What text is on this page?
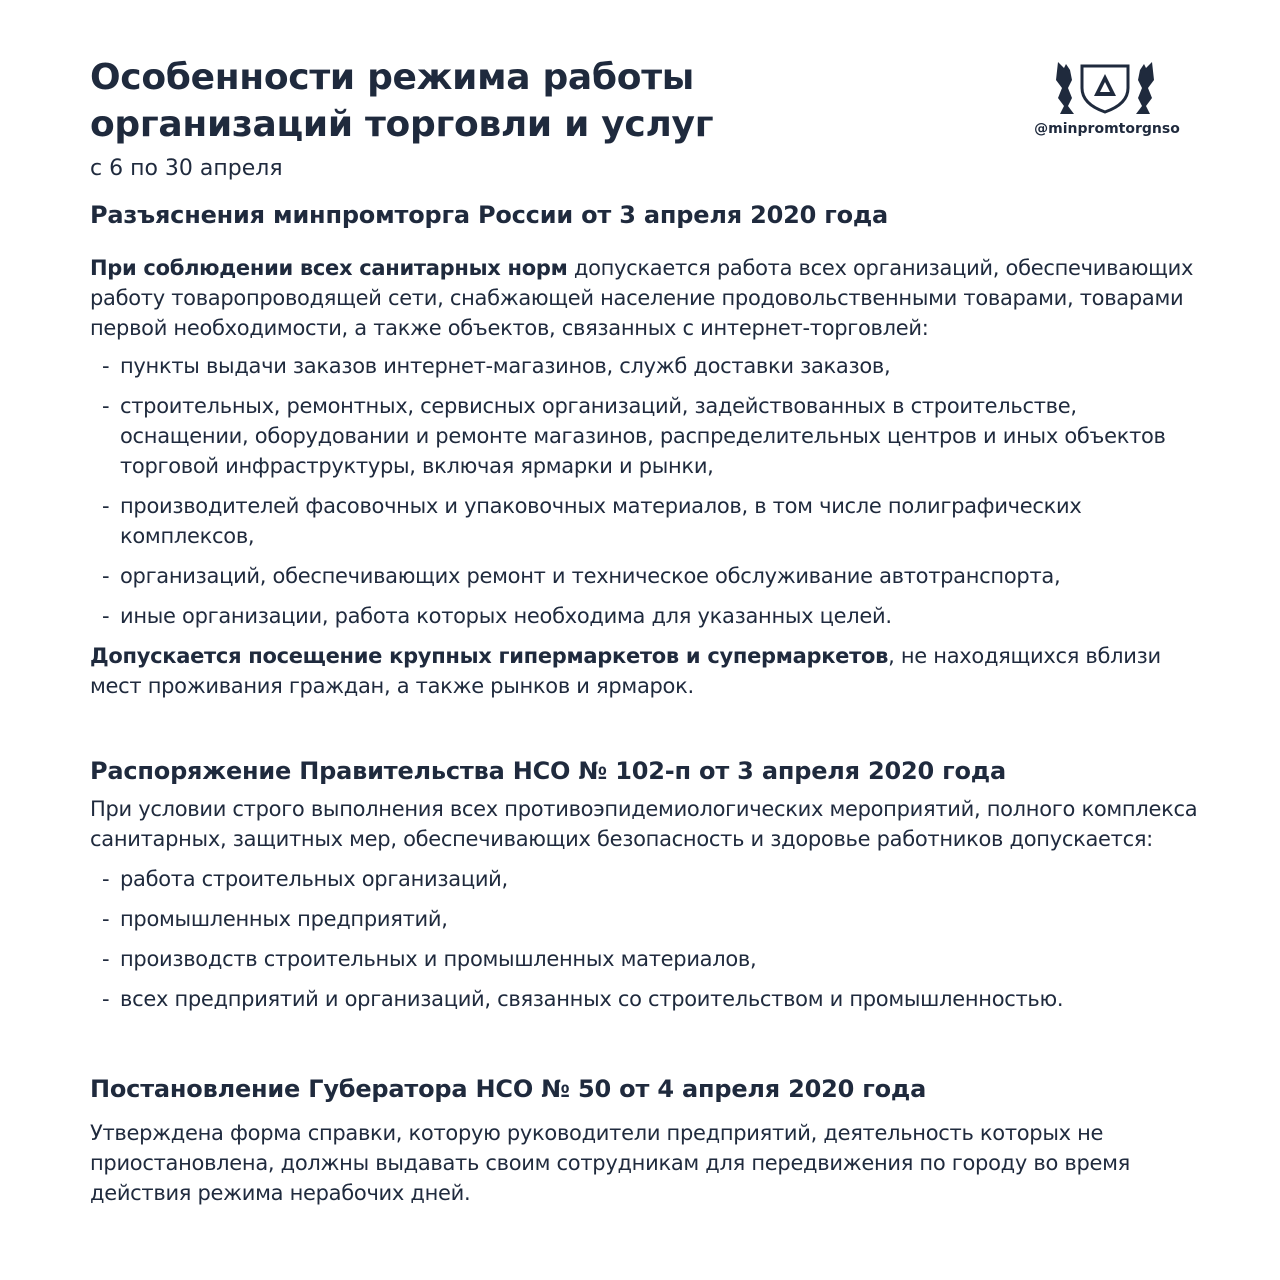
Особенности режима работы
организаций торговли и услуг
с 6 по 30 апреля
@minpromtorgnso
Разъяснения минпромторга России от 3 апреля 2020 года

При соблюдении всех санитарных норм допускается работа всех организаций, обеспечивающих работу товаропроводящей сети, снабжающей население продовольственными товарами, товарами первой необходимости, а также объектов, связанных с интернет-торговлей:

- пункты выдачи заказов интернет-магазинов, служб доставки заказов,
- строительных, ремонтных, сервисных организаций, задействованных в строительстве, оснащении, оборудовании и ремонте магазинов, распределительных центров и иных объектов торговой инфраструктуры, включая ярмарки и рынки,
- производителей фасовочных и упаковочных материалов, в том числе полиграфических комплексов,
- организаций, обеспечивающих ремонт и техническое обслуживание автотранспорта,
- иные организации, работа которых необходима для указанных целей.

Допускается посещение крупных гипермаркетов и супермаркетов, не находящихся вблизи мест проживания граждан, а также рынков и ярмарок.

Распоряжение Правительства НСО № 102-п от 3 апреля 2020 года

При условии строго выполнения всех противоэпидемиологических мероприятий, полного комплекса санитарных, защитных мер, обеспечивающих безопасность и здоровье работников допускается:

- работа строительных организаций,
- промышленных предприятий,
- производств строительных и промышленных материалов,
- всех предприятий и организаций, связанных со строительством и промышленностью.
Постановление Губератора НСО № 50 от 4 апреля 2020 года

Утверждена форма справки, которую руководители предприятий, деятельность которых не приостановлена, должны выдавать своим сотрудникам для передвижения по городу во время действия режима нерабочих дней.
